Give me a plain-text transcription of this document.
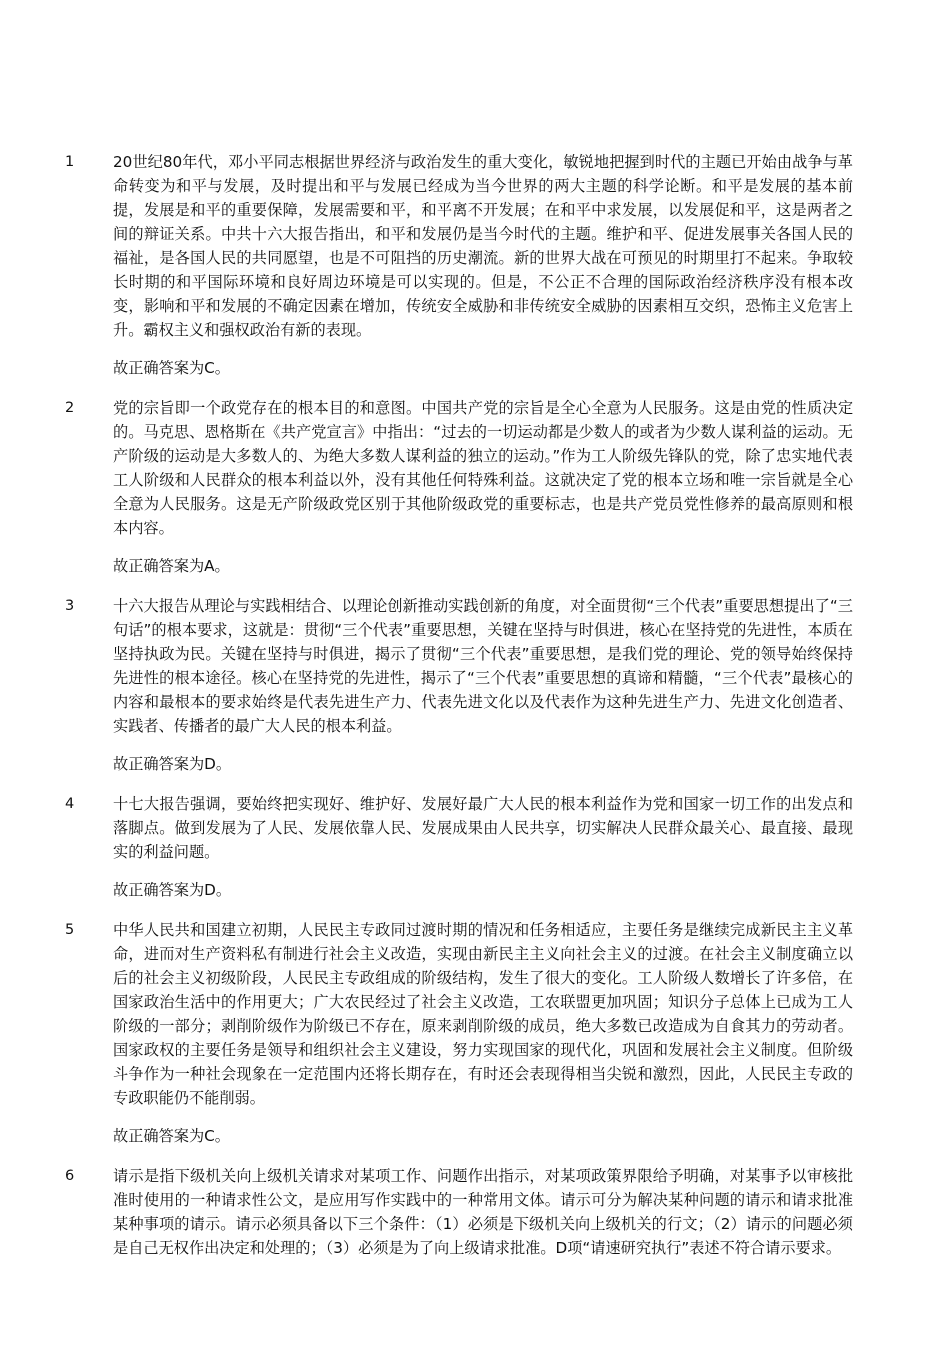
1	20世纪80年代，邓小平同志根据世界经济与政治发生的重大变化，敏锐地把握到时代的主题已开始由战争与革命转变为和平与发展，及时提出和平与发展已经成为当今世界的两大主题的科学论断。和平是发展的基本前提，发展是和平的重要保障，发展需要和平，和平离不开发展；在和平中求发展，以发展促和平，这是两者之间的辩证关系。中共十六大报告指出，和平和发展仍是当今时代的主题。维护和平、促进发展事关各国人民的福祉，是各国人民的共同愿望，也是不可阻挡的历史潮流。新的世界大战在可预见的时期里打不起来。争取较长时期的和平国际环境和良好周边环境是可以实现的。但是，不公正不合理的国际政治经济秩序没有根本改变，影响和平和发展的不确定因素在增加，传统安全威胁和非传统安全威胁的因素相互交织，恐怖主义危害上升。霸权主义和强权政治有新的表现。

故正确答案为C。

2	党的宗旨即一个政党存在的根本目的和意图。中国共产党的宗旨是全心全意为人民服务。这是由党的性质决定的。马克思、恩格斯在《共产党宣言》中指出：“过去的一切运动都是少数人的或者为少数人谋利益的运动。无产阶级的运动是大多数人的、为绝大多数人谋利益的独立的运动。”作为工人阶级先锋队的党，除了忠实地代表工人阶级和人民群众的根本利益以外，没有其他任何特殊利益。这就决定了党的根本立场和唯一宗旨就是全心全意为人民服务。这是无产阶级政党区别于其他阶级政党的重要标志，也是共产党员党性修养的最高原则和根本内容。

故正确答案为A。

3	十六大报告从理论与实践相结合、以理论创新推动实践创新的角度，对全面贯彻“三个代表”重要思想提出了“三句话”的根本要求，这就是：贯彻“三个代表”重要思想，关键在坚持与时俱进，核心在坚持党的先进性，本质在坚持执政为民。关键在坚持与时俱进，揭示了贯彻“三个代表”重要思想，是我们党的理论、党的领导始终保持先进性的根本途径。核心在坚持党的先进性，揭示了“三个代表”重要思想的真谛和精髓，“三个代表”最核心的内容和最根本的要求始终是代表先进生产力、代表先进文化以及代表作为这种先进生产力、先进文化创造者、实践者、传播者的最广大人民的根本利益。

故正确答案为D。

4	十七大报告强调，要始终把实现好、维护好、发展好最广大人民的根本利益作为党和国家一切工作的出发点和落脚点。做到发展为了人民、发展依靠人民、发展成果由人民共享，切实解决人民群众最关心、最直接、最现实的利益问题。

故正确答案为D。

5	中华人民共和国建立初期，人民民主专政同过渡时期的情况和任务相适应，主要任务是继续完成新民主主义革命，进而对生产资料私有制进行社会主义改造，实现由新民主主义向社会主义的过渡。在社会主义制度确立以后的社会主义初级阶段，人民民主专政组成的阶级结构，发生了很大的变化。工人阶级人数增长了许多倍，在国家政治生活中的作用更大；广大农民经过了社会主义改造，工农联盟更加巩固；知识分子总体上已成为工人阶级的一部分；剥削阶级作为阶级已不存在，原来剥削阶级的成员，绝大多数已改造成为自食其力的劳动者。国家政权的主要任务是领导和组织社会主义建设，努力实现国家的现代化，巩固和发展社会主义制度。但阶级斗争作为一种社会现象在一定范围内还将长期存在，有时还会表现得相当尖锐和激烈，因此，人民民主专政的专政职能仍不能削弱。

故正确答案为C。

6	请示是指下级机关向上级机关请求对某项工作、问题作出指示，对某项政策界限给予明确，对某事予以审核批准时使用的一种请求性公文，是应用写作实践中的一种常用文体。请示可分为解决某种问题的请示和请求批准某种事项的请示。请示必须具备以下三个条件：（1）必须是下级机关向上级机关的行文；（2）请示的问题必须是自己无权作出决定和处理的；（3）必须是为了向上级请求批准。D项“请速研究执行”表述不符合请示要求。
